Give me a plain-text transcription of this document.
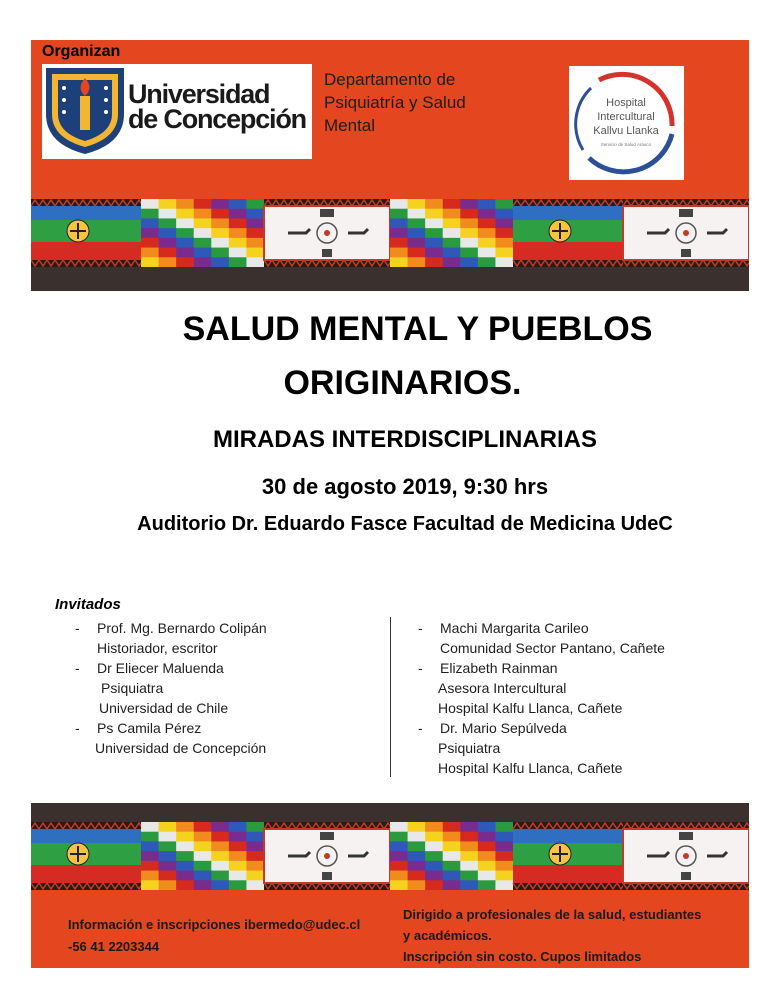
Organizan
Universidad
de Concepción
Departamento de
Psiquiatría y Salud
Mental
Hospital
Intercultural
Kallvu Llanka
Servicio de Salud Arauco
SALUD MENTAL Y PUEBLOS
ORIGINARIOS.
MIRADAS INTERDISCIPLINARIAS
30 de agosto 2019, 9:30 hrs
Auditorio Dr. Eduardo Fasce Facultad de Medicina UdeC
Invitados
- Prof. Mg. Bernardo Colipán
Historiador, escritor
- Dr Eliecer Maluenda
Psiquiatra
Universidad de Chile
- Ps Camila Pérez
Universidad de Concepción
- Machi Margarita Carileo
Comunidad Sector Pantano, Cañete
- Elizabeth Rainman
Asesora Intercultural
Hospital Kalfu Llanca, Cañete
- Dr. Mario Sepúlveda
Psiquiatra
Hospital Kalfu Llanca, Cañete
Información e inscripciones ibermedo@udec.cl
-56 41 2203344
Dirigido a profesionales de la salud, estudiantes
y académicos.
Inscripción sin costo. Cupos limitados
